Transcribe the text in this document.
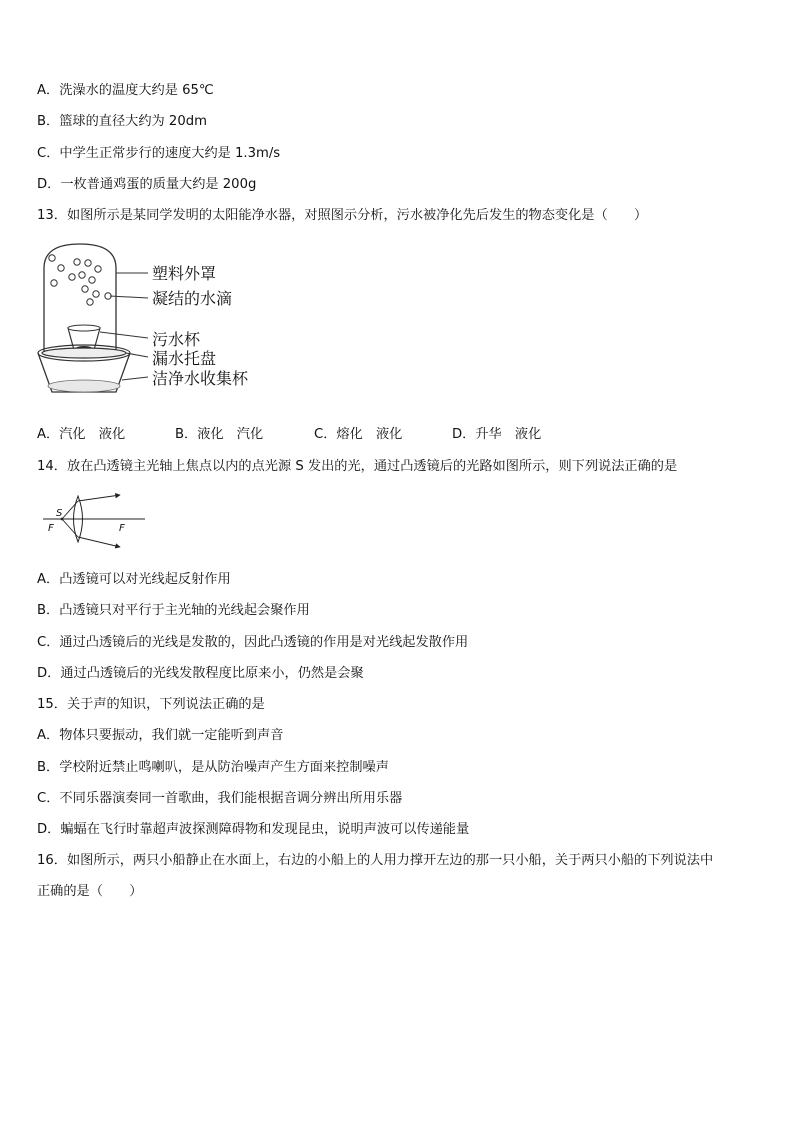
A．洗澡水的温度大约是 65℃
B．篮球的直径大约为 20dm
C．中学生正常步行的速度大约是 1.3m/s
D．一枚普通鸡蛋的质量大约是 200g
13．如图所示是某同学发明的太阳能净水器，对照图示分析，污水被净化先后发生的物态变化是（　　）
塑料外罩
凝结的水滴
污水杯
漏水托盘
洁净水收集杯
A．汽化　液化	B．液化　汽化	C．熔化　液化	D．升华　液化
14．放在凸透镜主光轴上焦点以内的点光源 S 发出的光，通过凸透镜后的光路如图所示，则下列说法正确的是
S
F	F
A．凸透镜可以对光线起反射作用
B．凸透镜只对平行于主光轴的光线起会聚作用
C．通过凸透镜后的光线是发散的，因此凸透镜的作用是对光线起发散作用
D．通过凸透镜后的光线发散程度比原来小，仍然是会聚
15．关于声的知识，下列说法正确的是
A．物体只要振动，我们就一定能听到声音
B．学校附近禁止鸣喇叭，是从防治噪声产生方面来控制噪声
C．不同乐器演奏同一首歌曲，我们能根据音调分辨出所用乐器
D．蝙蝠在飞行时靠超声波探测障碍物和发现昆虫，说明声波可以传递能量
16．如图所示，两只小船静止在水面上，右边的小船上的人用力撑开左边的那一只小船，关于两只小船的下列说法中
正确的是（　　）
